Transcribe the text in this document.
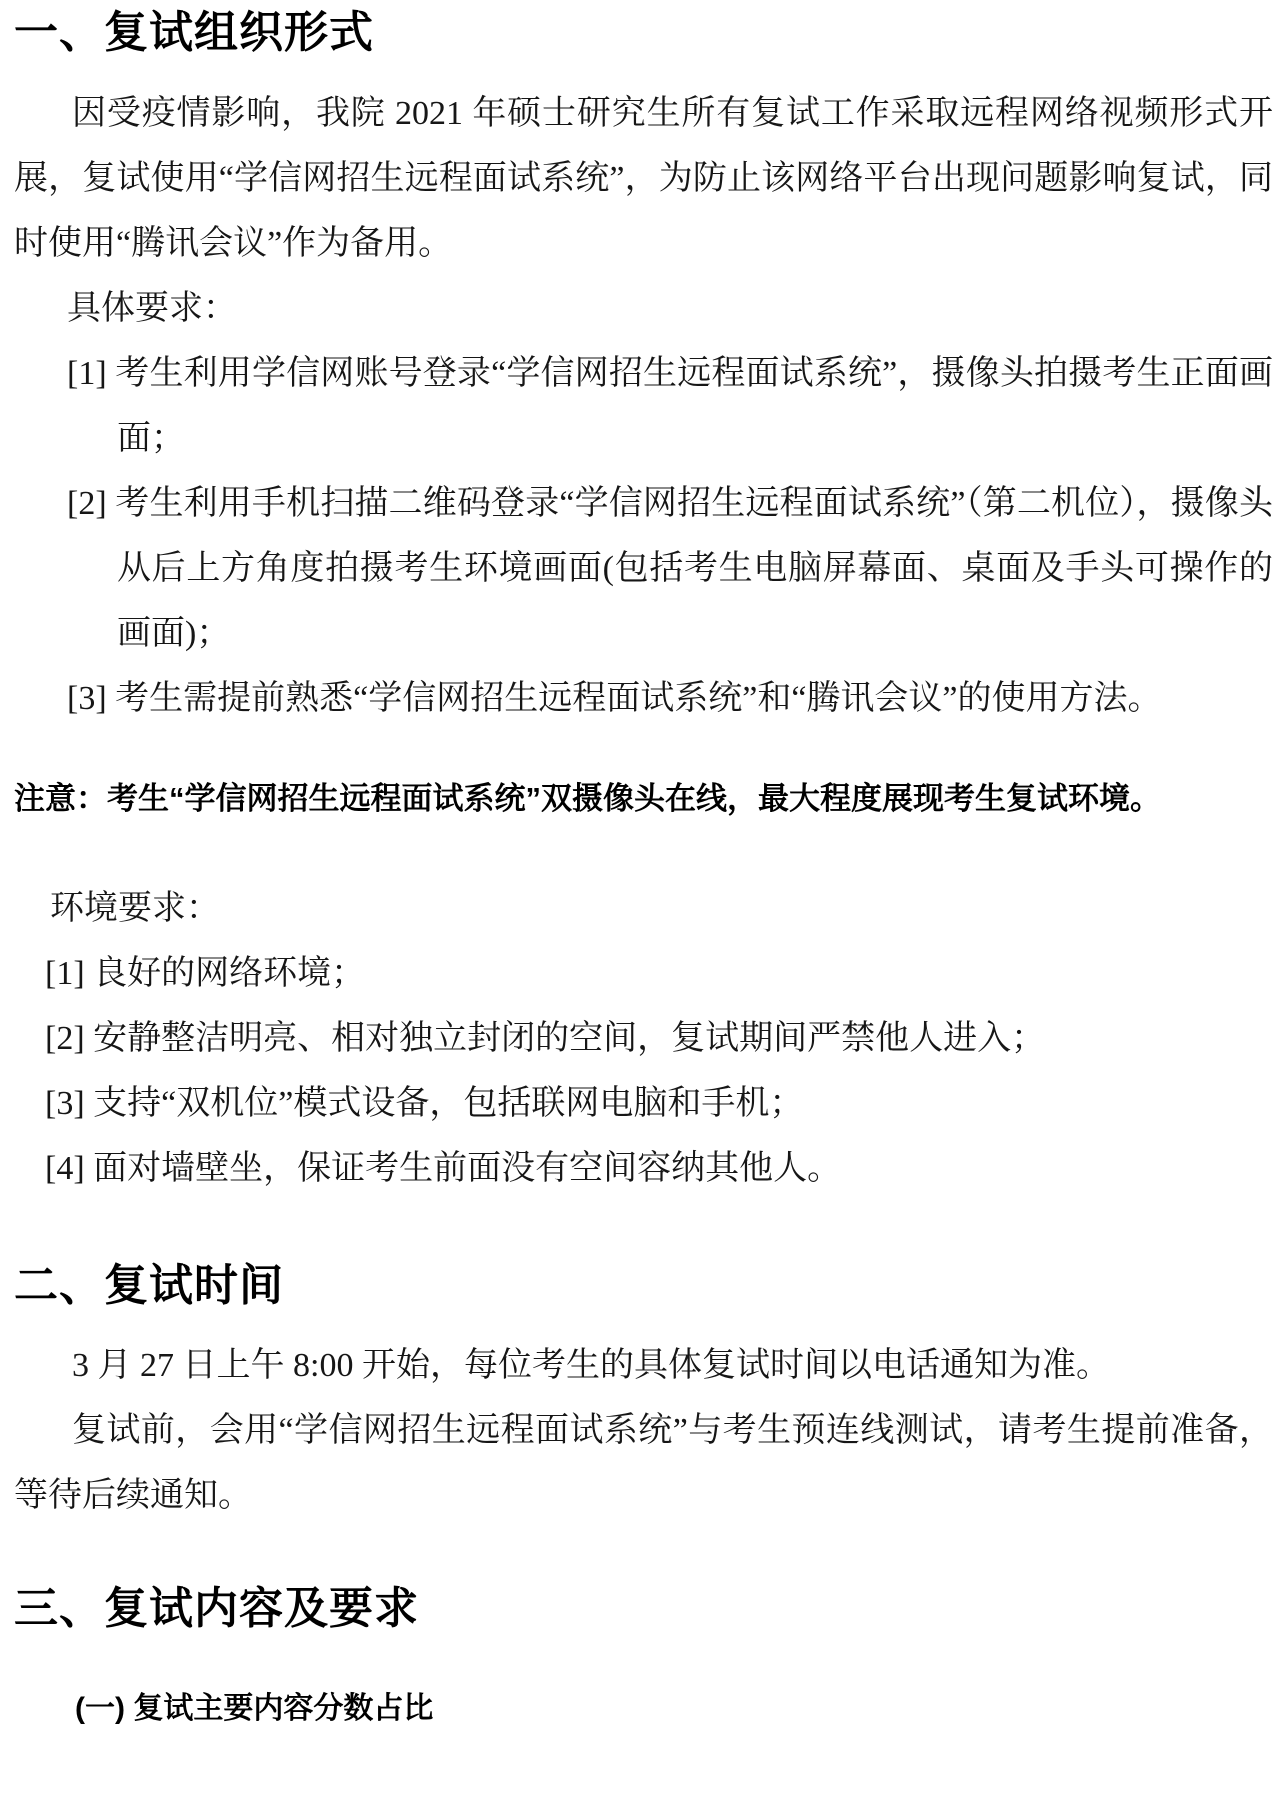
一、复试组织形式

因受疫情影响，我院 2021 年硕士研究生所有复试工作采取远程网络视频形式开展，复试使用“学信网招生远程面试系统”，为防止该网络平台出现问题影响复试，同时使用“腾讯会议”作为备用。

具体要求：

[1] 考生利用学信网账号登录“学信网招生远程面试系统”，摄像头拍摄考生正面画面；

[2] 考生利用手机扫描二维码登录“学信网招生远程面试系统”（第二机位），摄像头从后上方角度拍摄考生环境画面(包括考生电脑屏幕面、桌面及手头可操作的画面)；

[3] 考生需提前熟悉“学信网招生远程面试系统”和“腾讯会议”的使用方法。

注意：考生“学信网招生远程面试系统”双摄像头在线，最大程度展现考生复试环境。

环境要求：

[1] 良好的网络环境；

[2] 安静整洁明亮、相对独立封闭的空间，复试期间严禁他人进入；

[3] 支持“双机位”模式设备，包括联网电脑和手机；

[4] 面对墙壁坐，保证考生前面没有空间容纳其他人。

二、复试时间

3 月 27 日上午 8:00 开始，每位考生的具体复试时间以电话通知为准。

复试前，会用“学信网招生远程面试系统”与考生预连线测试，请考生提前准备，等待后续通知。

三、复试内容及要求

(一) 复试主要内容分数占比
